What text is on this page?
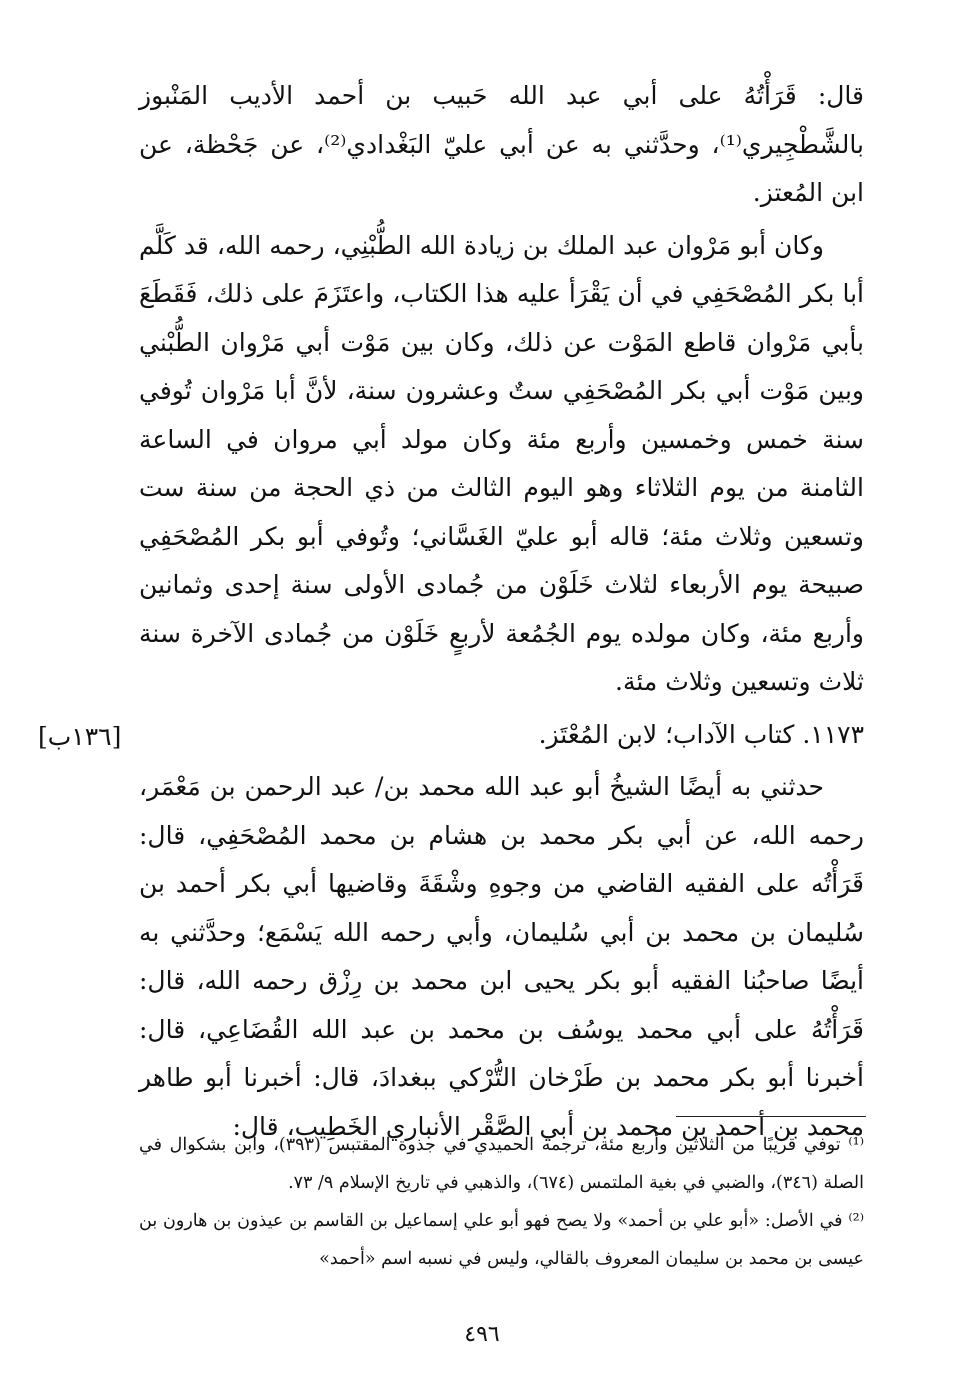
قال: قَرَأْتُهُ على أبي عبد الله حَبيب بن أحمد الأديب المَنْبوز بالشَّطْجِيري⁽¹⁾، وحدَّثني به عن أبي عليّ البَغْدادي⁽²⁾، عن جَحْظة، عن ابن المُعتز.

وكان أبو مَرْوان عبد الملك بن زيادة الله الطُّبْنِي، رحمه الله، قد كَلَّم أبا بكر المُصْحَفِي في أن يَقْرَأ عليه هذا الكتاب، واعتَزَمَ على ذلك، فَقَطَعَ بأبي مَرْوان قاطع المَوْت عن ذلك، وكان بين مَوْت أبي مَرْوان الطُّبْني وبين مَوْت أبي بكر المُصْحَفِي ستٌ وعشرون سنة، لأنَّ أبا مَرْوان تُوفي سنة خمس وخمسين وأربع مئة وكان مولد أبي مروان في الساعة الثامنة من يوم الثلاثاء وهو اليوم الثالث من ذي الحجة من سنة ست وتسعين وثلاث مئة؛ قاله أبو عليّ الغَسَّاني؛ وتُوفي أبو بكر المُصْحَفِي صبيحة يوم الأربعاء لثلاث خَلَوْن من جُمادى الأولى سنة إحدى وثمانين وأربع مئة، وكان مولده يوم الجُمُعة لأربعٍ خَلَوْن من جُمادى الآخرة سنة ثلاث وتسعين وثلاث مئة.

١١٧٣. كتاب الآداب؛ لابن المُعْتَز.

حدثني به أيضًا الشيخُ أبو عبد الله محمد بن/ عبد الرحمن بن مَعْمَر، رحمه الله، عن أبي بكر محمد بن هشام بن محمد المُصْحَفِي، قال: قَرَأْتُه على الفقيه القاضي من وجوهِ وشْقَةَ وقاضيها أبي بكر أحمد بن سُليمان بن محمد بن أبي سُليمان، وأبي رحمه الله يَسْمَع؛ وحدَّثني به أيضًا صاحبُنا الفقيه أبو بكر يحيى ابن محمد بن رِزْق رحمه الله، قال: قَرَأْتُهُ على أبي محمد يوسُف بن محمد بن عبد الله القُضَاعِي، قال: أخبرنا أبو بكر محمد بن طَرْخان التُّرْكي ببغدادَ، قال: أخبرنا أبو طاهر محمد بن أحمد بن محمد بن أبي الصَّقْر الأنباري الخَطِيب، قال:

[١٣٦ب]

⁽¹⁾ توفي قريبًا من الثلاثين وأربع مئة، ترجمه الحميدي في جذوة المقتبس (٣٩٣)، وابن بشكوال في الصلة (٣٤٦)، والضبي في بغية الملتمس (٦٧٤)، والذهبي في تاريخ الإسلام ٩/ ٧٣.

⁽²⁾ في الأصل: «أبو علي بن أحمد» ولا يصح فهو أبو علي إسماعيل بن القاسم بن عيذون بن هارون بن عيسى بن محمد بن سليمان المعروف بالقالي، وليس في نسبه اسم «أحمد»

٤٩٦
